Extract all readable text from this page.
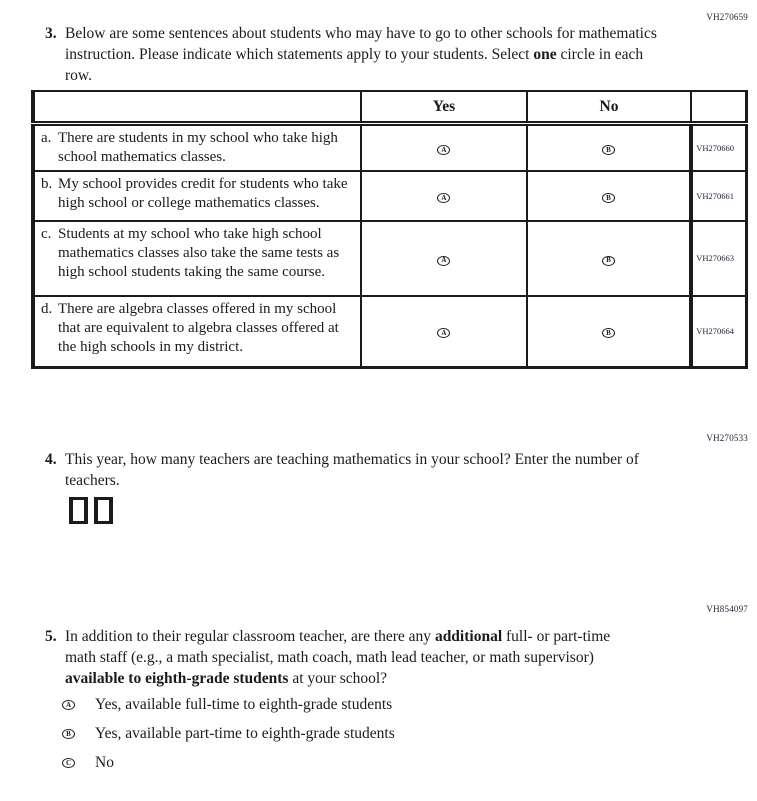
VH270659
3. Below are some sentences about students who may have to go to other schools for mathematics instruction. Please indicate which statements apply to your students. Select one circle in each row.
	Yes	No	

a. There are students in my school who take high school mathematics classes.	A	B	VH270660

b. My school provides credit for students who take high school or college mathematics classes.	A	B	VH270661

c. Students at my school who take high school mathematics classes also take the same tests as high school students taking the same course.	A	B	VH270663

d. There are algebra classes offered in my school that are equivalent to algebra classes offered at the high schools in my district.	A	B	VH270664
VH270533
4. This year, how many teachers are teaching mathematics in your school? Enter the number of teachers.
VH854097
5. In addition to their regular classroom teacher, are there any additional full- or part-time math staff (e.g., a math specialist, math coach, math lead teacher, or math supervisor) available to eighth-grade students at your school?
A Yes, available full-time to eighth-grade students
B Yes, available part-time to eighth-grade students
C No
